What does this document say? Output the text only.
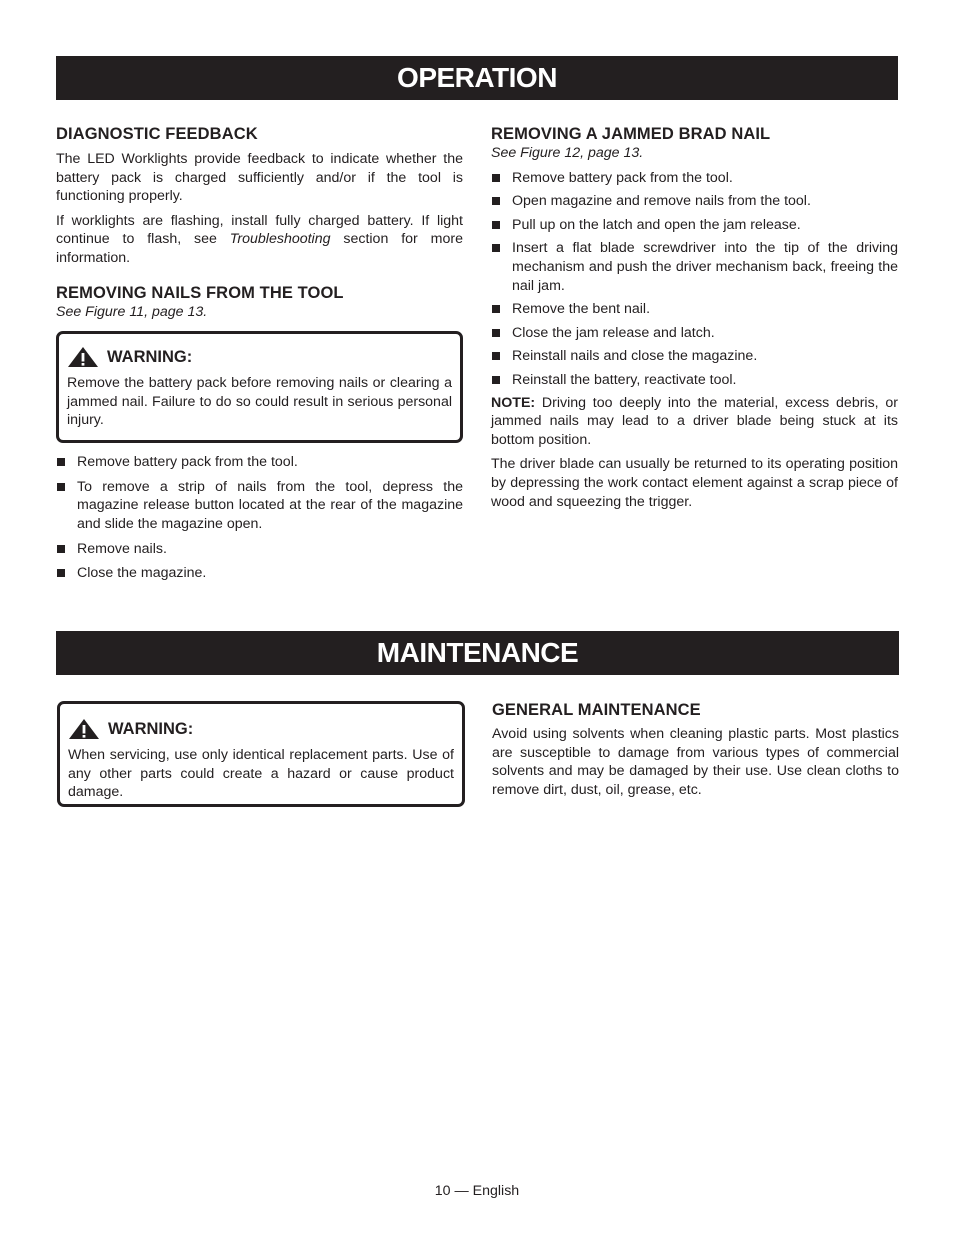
OPERATION
DIAGNOSTIC FEEDBACK

The LED Worklights provide feedback to indicate whether the battery pack is charged sufficiently and/or if the tool is functioning properly.

If worklights are flashing, install fully charged battery. If light continue to flash, see Troubleshooting section for more information.

REMOVING NAILS FROM THE TOOL

See Figure 11, page 13.

WARNING:

Remove the battery pack before removing nails or clearing a jammed nail. Failure to do so could result in serious personal injury.

Remove battery pack from the tool.
To remove a strip of nails from the tool, depress the magazine release button located at the rear of the magazine and slide the magazine open.
Remove nails.
Close the magazine.
REMOVING A JAMMED BRAD NAIL

See Figure 12, page 13.

Remove battery pack from the tool.
Open magazine and remove nails from the tool.
Pull up on the latch and open the jam release.
Insert a flat blade screwdriver into the tip of the driving mechanism and push the driver mechanism back, freeing the nail jam.
Remove the bent nail.
Close the jam release and latch.
Reinstall nails and close the magazine.
Reinstall the battery, reactivate tool.

NOTE: Driving too deeply into the material, excess debris, or jammed nails may lead to a driver blade being stuck at its bottom position.

The driver blade can usually be returned to its operating position by depressing the work contact element against a scrap piece of wood and squeezing the trigger.

MAINTENANCE
WARNING:

When servicing, use only identical replacement parts. Use of any other parts could create a hazard or cause product damage.

GENERAL MAINTENANCE

Avoid using solvents when cleaning plastic parts. Most plastics are susceptible to damage from various types of commercial solvents and may be damaged by their use. Use clean cloths to remove dirt, dust, oil, grease, etc.

10 — English
